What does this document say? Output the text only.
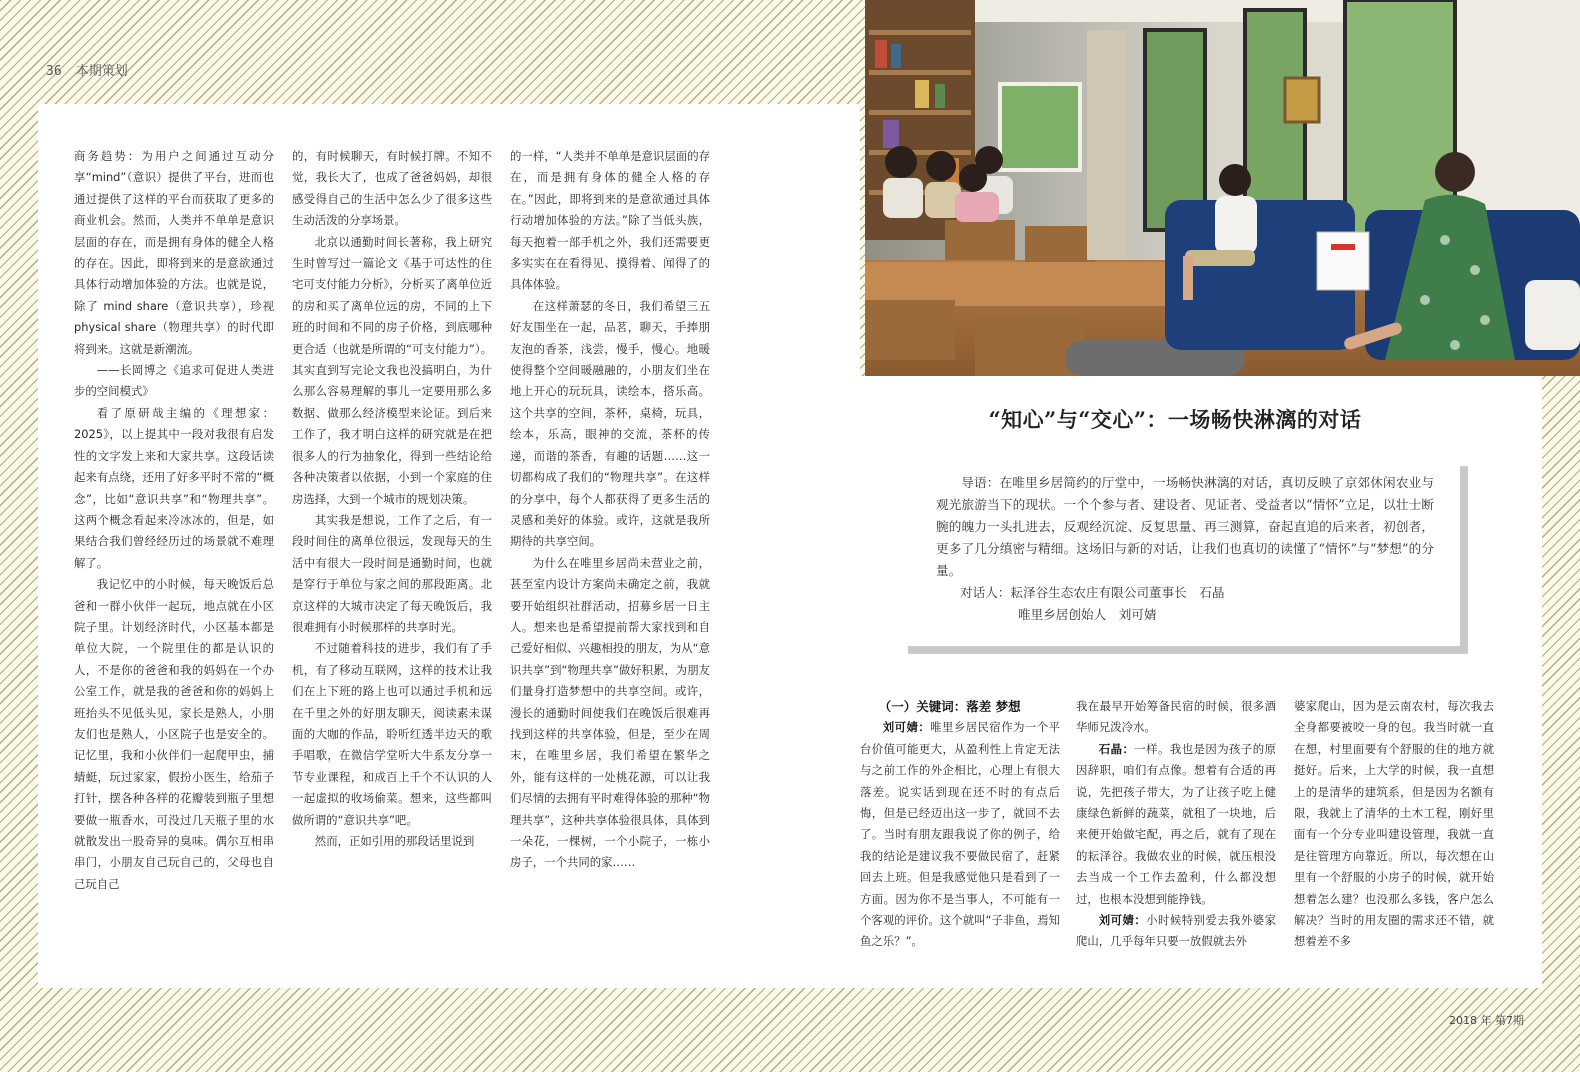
36 本期策划

商务趋势：为用户之间通过互动分享“mind”（意识）提供了平台，进而也通过提供了这样的平台而获取了更多的商业机会。然而，人类并不单单是意识层面的存在，而是拥有身体的健全人格的存在。因此，即将到来的是意欲通过具体行动增加体验的方法。也就是说，除了 mind share（意识共享），珍视 physical share（物理共享）的时代即将到来。这就是新潮流。

——长岡博之《追求可促进人类进步的空间模式》

看了原研哉主编的《理想家：2025》，以上提其中一段对我很有启发性的文字发上来和大家共享。这段话读起来有点绕，还用了好多平时不常的“概念”，比如“意识共享”和“物理共享”。这两个概念看起来冷冰冰的，但是，如果结合我们曾经经历过的场景就不难理解了。

我记忆中的小时候，每天晚饭后总爸和一群小伙伴一起玩，地点就在小区院子里。计划经济时代，小区基本都是单位大院，一个院里住的都是认识的人，不是你的爸爸和我的妈妈在一个办公室工作，就是我的爸爸和你的妈妈上班抬头不见低头见，家长是熟人，小朋友们也是熟人，小区院子也是安全的。记忆里，我和小伙伴们一起爬甲虫，捕蜻蜓，玩过家家，假扮小医生，给茄子打针，摆各种各样的花瓣装到瓶子里想要做一瓶香水，可没过几天瓶子里的水就散发出一股奇异的臭味。偶尔互相串串门，小朋友自己玩自己的，父母也自己玩自己

的，有时候聊天，有时候打牌。不知不觉，我长大了，也成了爸爸妈妈，却很感受得自己的生活中怎么少了很多这些生动活泼的分享场景。

北京以通勤时间长著称，我上研究生时曾写过一篇论文《基于可达性的住宅可支付能力分析》，分析买了离单位近的房和买了离单位远的房，不同的上下班的时间和不同的房子价格，到底哪种更合适（也就是所谓的“可支付能力”）。其实直到写完论文我也没搞明白，为什么那么容易理解的事儿一定要用那么多数据、做那么经济模型来论证。到后来工作了，我才明白这样的研究就是在把很多人的行为抽象化，得到一些结论给各种决策者以依据，小到一个家庭的住房选择，大到一个城市的规划决策。

其实我是想说，工作了之后，有一段时间住的离单位很远，发现每天的生活中有很大一段时间是通勤时间，也就是穿行于单位与家之间的那段距离。北京这样的大城市决定了每天晚饭后，我很难拥有小时候那样的共享时光。

不过随着科技的进步，我们有了手机，有了移动互联网，这样的技术让我们在上下班的路上也可以通过手机和远在千里之外的好朋友聊天，阅读素未谋面的大咖的作品，聆听红透半边天的歌手唱歌，在微信学堂听大牛系友分享一节专业课程，和成百上千个不认识的人一起虚拟的收场偷菜。想来，这些都叫做所谓的“意识共享”吧。

然而，正如引用的那段话里说到

的一样，“人类并不单单是意识层面的存在，而是拥有身体的健全人格的存在。”因此，即将到来的是意欲通过具体行动增加体验的方法。”除了当低头族，每天抱着一部手机之外，我们还需要更多实实在在看得见、摸得着、闻得了的具体体验。

在这样萧瑟的冬日，我们希望三五好友围坐在一起，品茗，聊天，手捧朋友泡的香茶，浅尝，慢手，慢心。地暖使得整个空间暖融融的，小朋友们坐在地上开心的玩玩具，读绘本，搭乐高。这个共享的空间，茶杯，桌椅，玩具，绘本，乐高，眼神的交流，茶杯的传递，而谐的茶香，有趣的话题……这一切都构成了我们的“物理共享”。在这样的分享中，每个人都获得了更多生活的灵感和美好的体验。或许，这就是我所期待的共享空间。

为什么在唯里乡居尚未营业之前，甚至室内设计方案尚未确定之前，我就要开始组织社群活动，招募乡居一日主人。想来也是希望提前帮大家找到和自己爱好相似、兴趣相投的朋友，为从“意识共享”到“物理共享”做好积累，为朋友们量身打造梦想中的共享空间。或许，漫长的通勤时间使我们在晚饭后很难再找到这样的共享体验，但是，至少在周末，在唯里乡居，我们希望在繁华之外，能有这样的一处桃花源，可以让我们尽情的去拥有平时难得体验的那种“物理共享”，这种共享体验很具体，具体到一朵花，一棵树，一个小院子，一栋小房子，一个共同的家……

“知心”与“交心”：一场畅快淋漓的对话

导语：在唯里乡居简约的厅堂中，一场畅快淋漓的对话，真切反映了京郊休闲农业与观光旅游当下的现状。一个个参与者、建设者、见证者、受益者以“情怀”立足，以壮士断腕的魄力一头扎进去，反观经沉淀、反复思量、再三测算，奋起直追的后来者，初创者，更多了几分缜密与精细。这场旧与新的对话，让我们也真切的读懂了“情怀”与“梦想”的分量。

对话人：耘泽谷生态农庄有限公司董事长　石晶
唯里乡居创始人　刘可婧
（一）关键词：落差 梦想

刘可婧：唯里乡居民宿作为一个平台价值可能更大，从盈利性上肯定无法与之前工作的外企相比，心理上有很大落差。说实话到现在还不时的有点后悔，但是已经迈出这一步了，就回不去了。当时有朋友跟我说了你的例子，给我的结论是建议我不要做民宿了，赶紧回去上班。但是我感觉他只是看到了一方面。因为你不是当事人，不可能有一个客观的评价。这个就叫“子非鱼，焉知鱼之乐？”。

我在最早开始筹备民宿的时候，很多酒华师兄泼冷水。

石晶：一样。我也是因为孩子的原因辞职，咱们有点像。想着有合适的再说，先把孩子带大，为了让孩子吃上健康绿色新鲜的蔬菜，就租了一块地，后来便开始做宅配，再之后，就有了现在的耘泽谷。我做农业的时候，就压根没去当成一个工作去盈利，什么都没想过，也根本没想到能挣钱。

刘可婧：小时候特别爱去我外婆家爬山，几乎每年只要一放假就去外

婆家爬山，因为是云南农村，每次我去全身都要被咬一身的包。我当时就一直在想，村里面要有个舒服的住的地方就挺好。后来，上大学的时候，我一直想上的是清华的建筑系，但是因为名额有限，我就上了清华的土木工程，刚好里面有一个分专业叫建设管理，我就一直是往管理方向靠近。所以，每次想在山里有一个舒服的小房子的时候，就开始想着怎么建？也没那么多钱，客户怎么解决？当时的用友圈的需求还不错，就想着差不多

2018 年 第7期
